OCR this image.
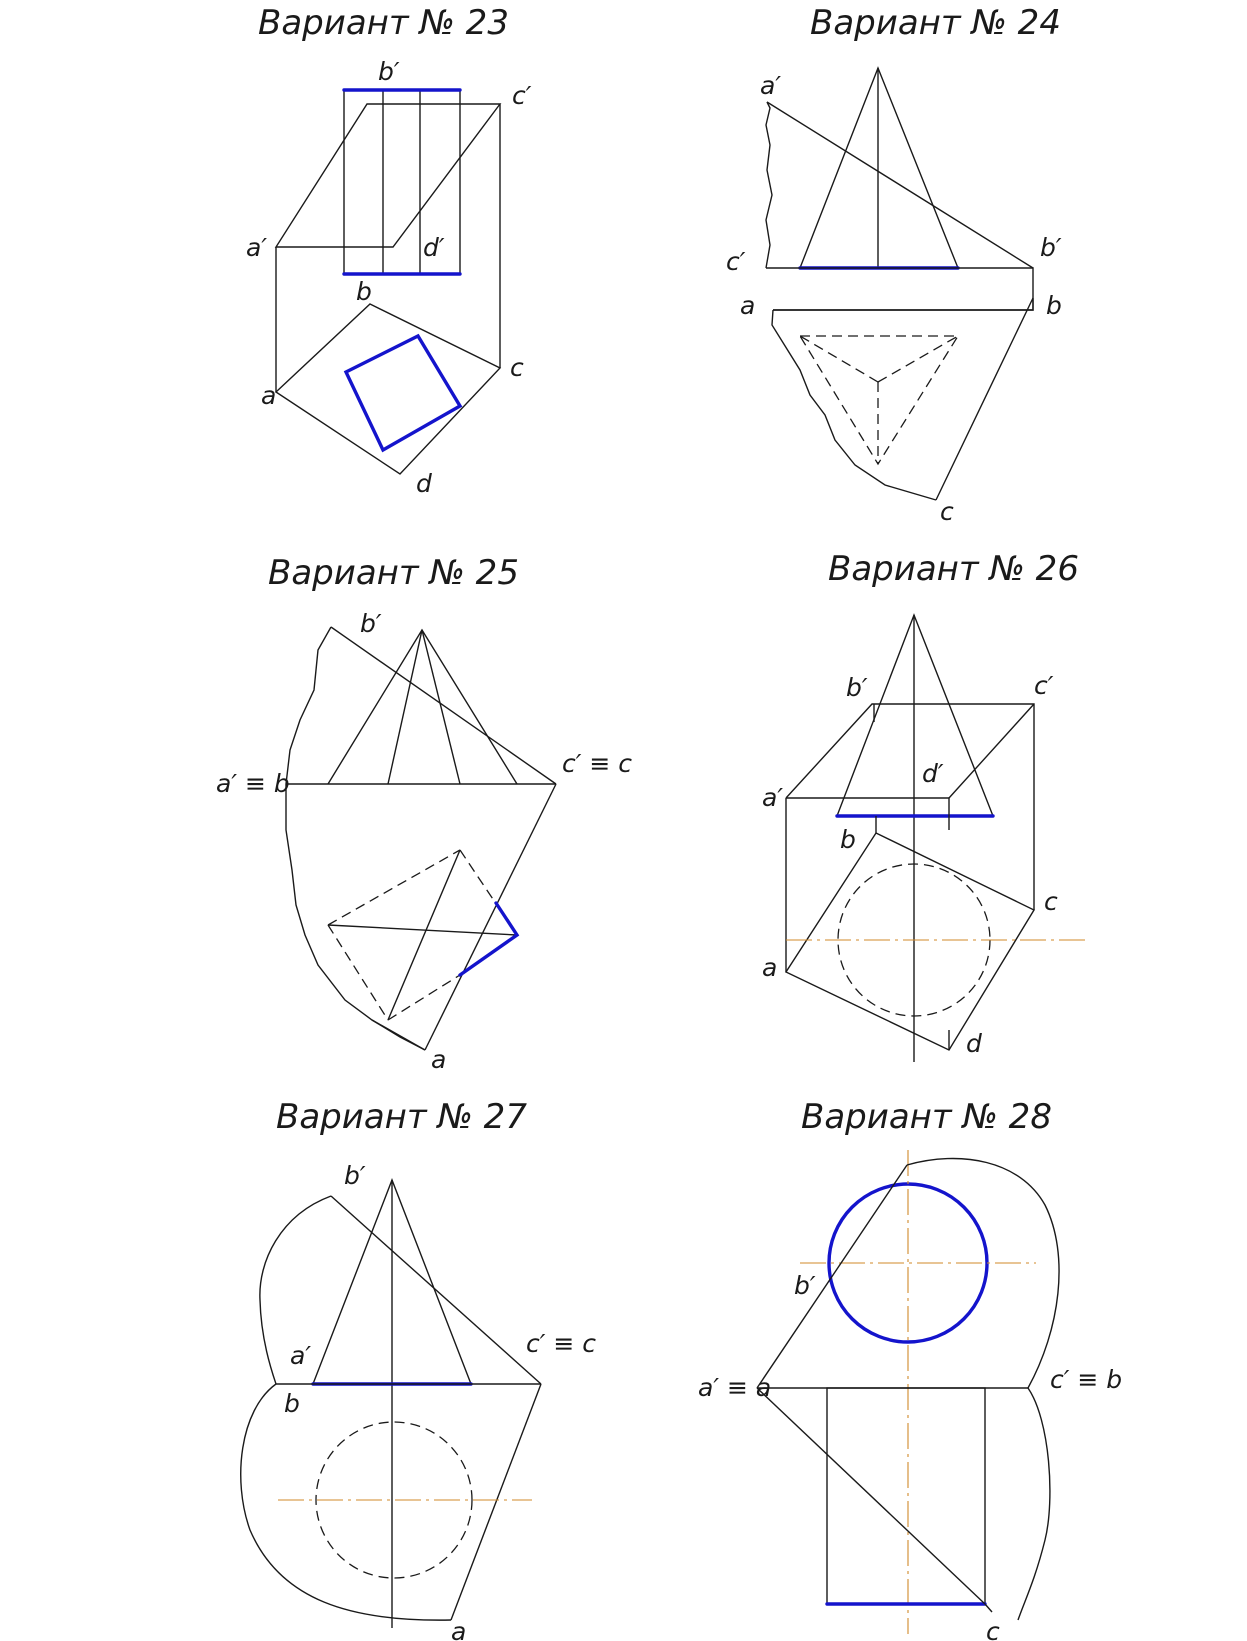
Вариант № 23
b′
c′
a′	d′
b
c
a
d
Вариант № 24
a′
c′	b′
a	b
c
Вариант № 25
b′
a′ ≡ b
c′ ≡ c
a
Вариант № 26
b′	c′
d′
a′
b
c
a
d
Вариант № 27
b′
a′
b
c′ ≡ c
a
Вариант № 28
b′
a′ ≡ a	c′ ≡ b
c
